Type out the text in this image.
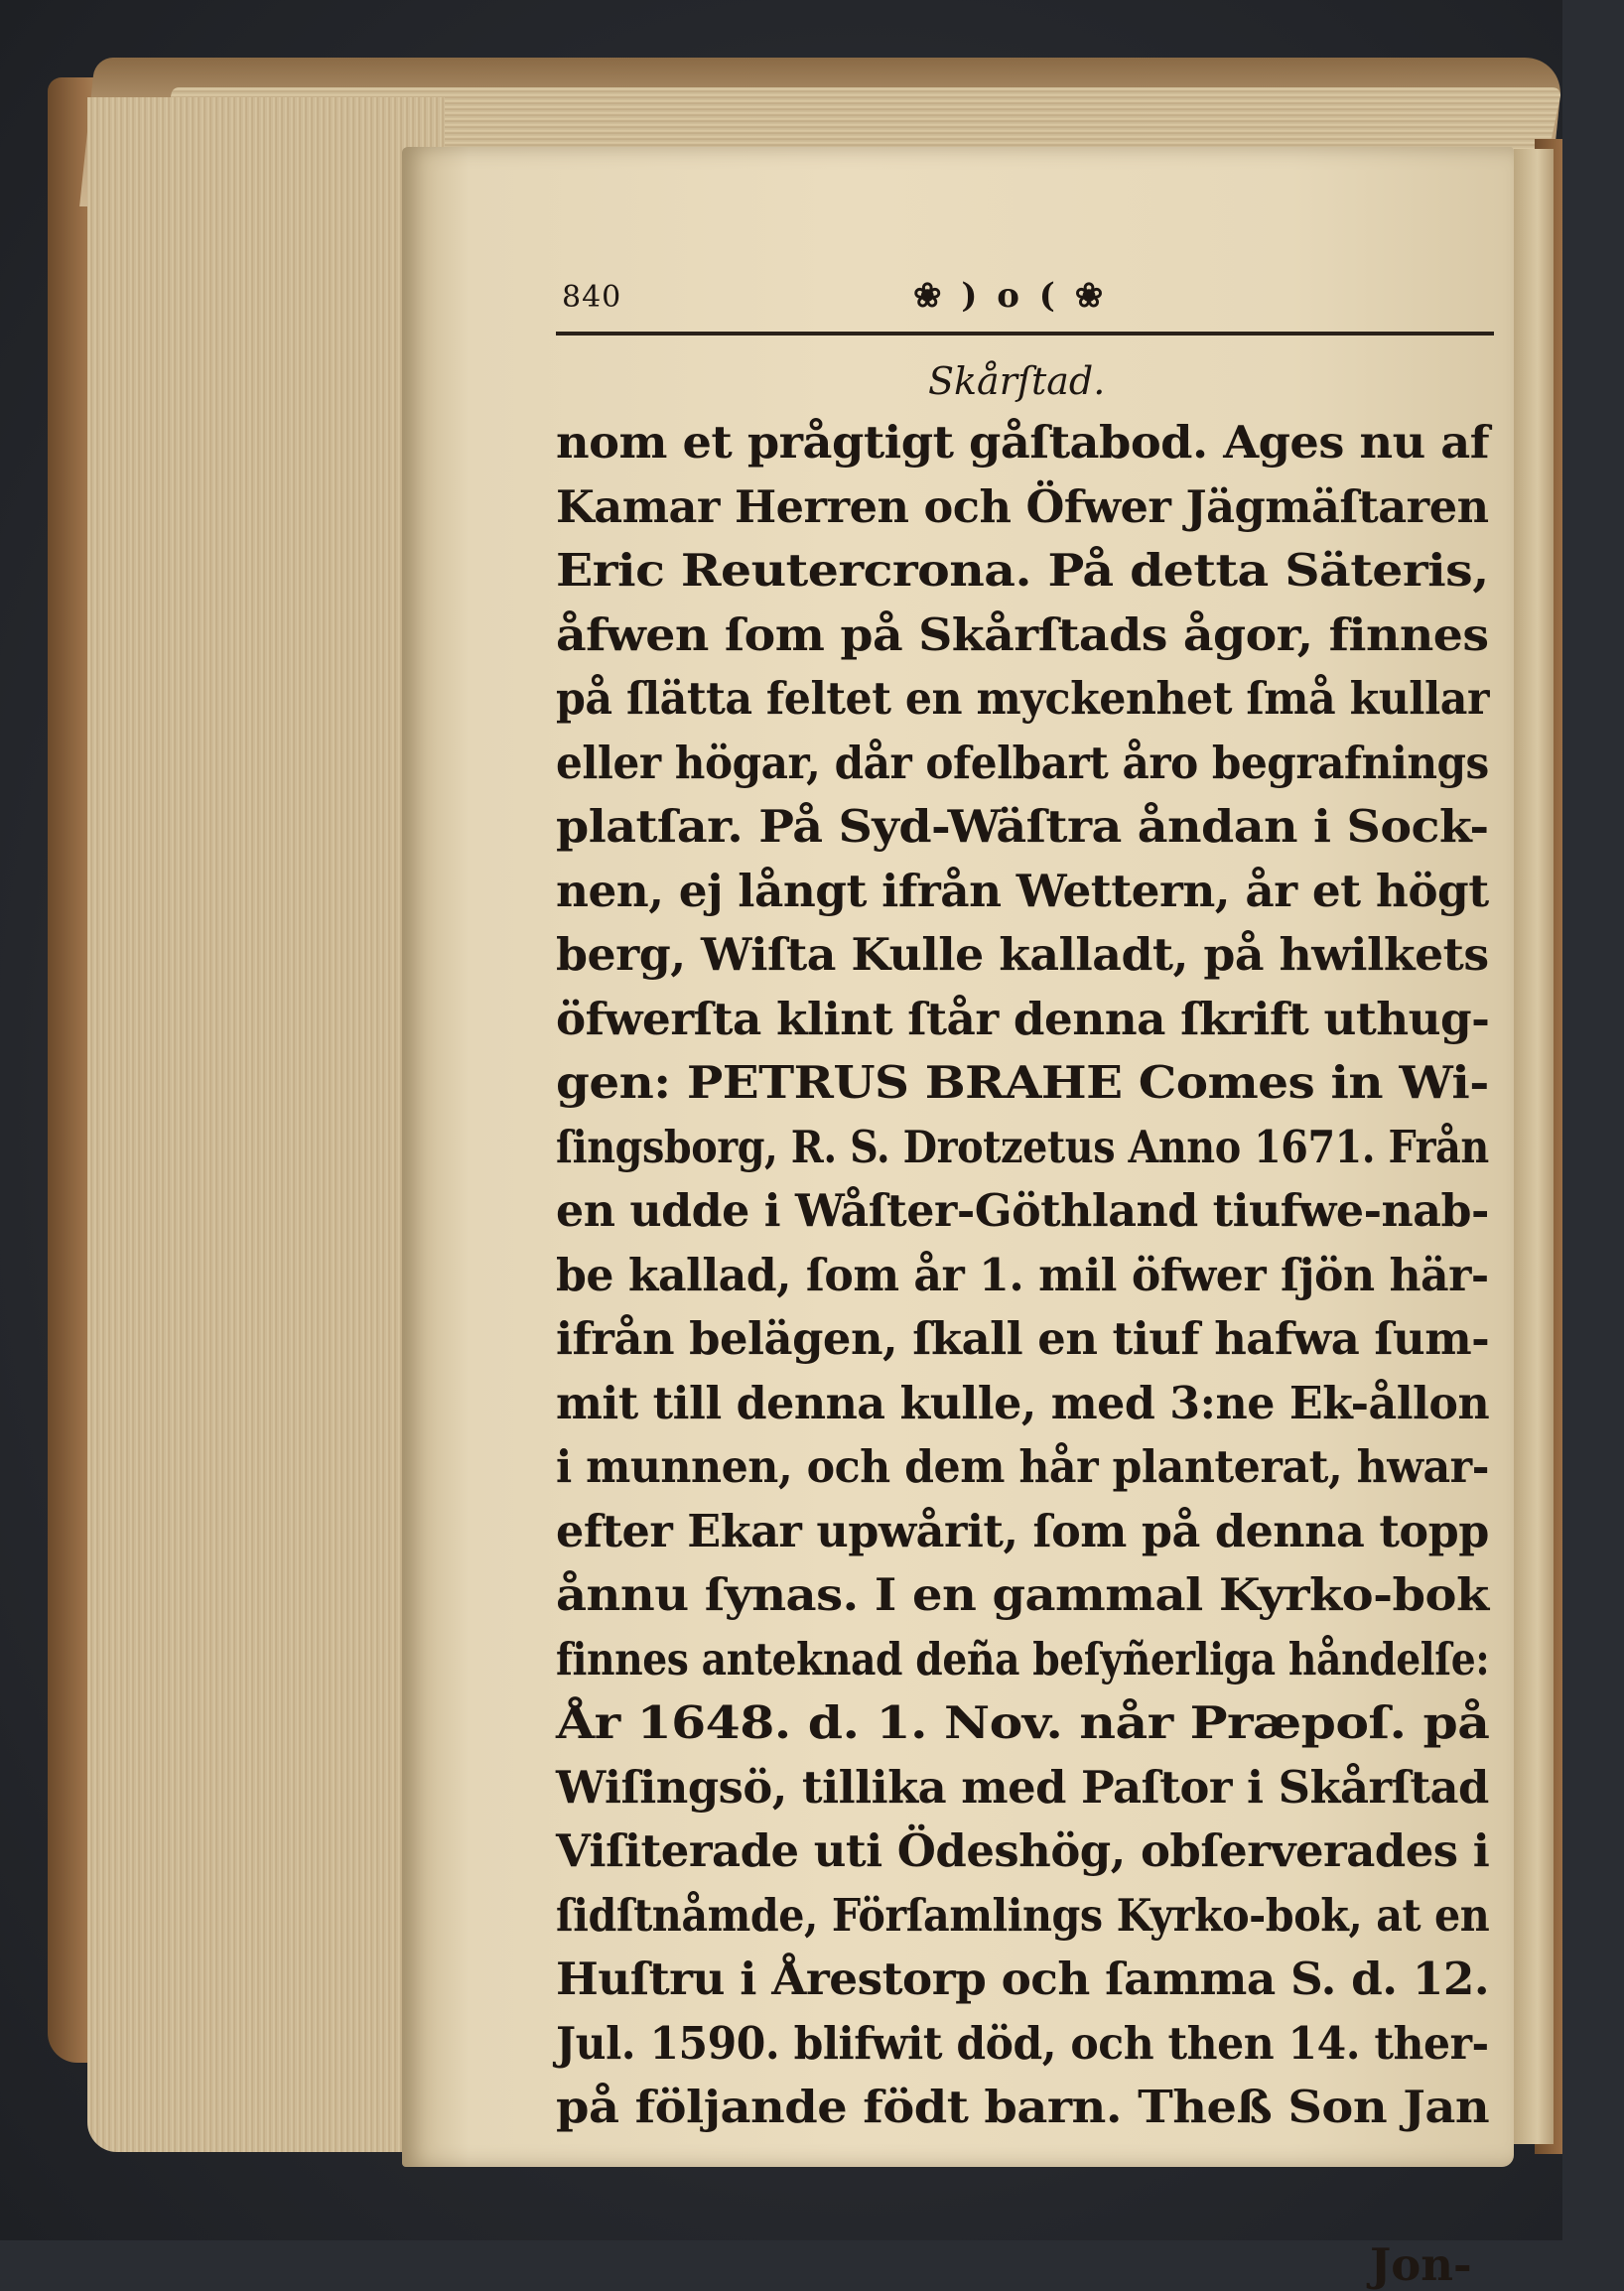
840	❀ ) o ( ❀
Skårſtad.
nom et prågtigt gåſtabod. Ages nu af
Kamar Herren och Öfwer Jägmäſtaren
Eric Reutercrona. På detta Säteris,
åfwen ſom på Skårſtads ågor, finnes
på ſlätta feltet en myckenhet ſmå kullar
eller högar, dår ofelbart åro begrafnings
platſar. På Syd-Wäſtra åndan i Sock-
nen, ej långt ifrån Wettern, år et högt
berg, Wiſta Kulle kalladt, på hwilkets
öfwerſta klint ſtår denna ſkrift uthug-
gen: PETRUS BRAHE Comes in Wi-
ſingsborg, R. S. Drotzetus Anno 1671. Från
en udde i Wåſter-Göthland tiufwe-nab-
be kallad, ſom år 1. mil öfwer ſjön här-
ifrån belägen, ſkall en tiuf hafwa ſum-
mit till denna kulle, med 3:ne Ek-ållon
i munnen, och dem hår planterat, hwar-
efter Ekar upwårit, ſom på denna topp
ånnu ſynas. I en gammal Kyrko-bok
finnes anteknad deña beſyñerliga håndelſe:
År 1648. d. 1. Nov. når Præpoſ. på
Wiſingsö, tillika med Paſtor i Skårſtad
Viſiterade uti Ödeshög, obſerverades i
ſidſtnåmde, Förſamlings Kyrko-bok, at en
Huſtru i Årestorp och ſamma S. d. 12.
Jul. 1590. blifwit död, och then 14. ther-
på följande födt barn. Theß Son Jan
Jon-
